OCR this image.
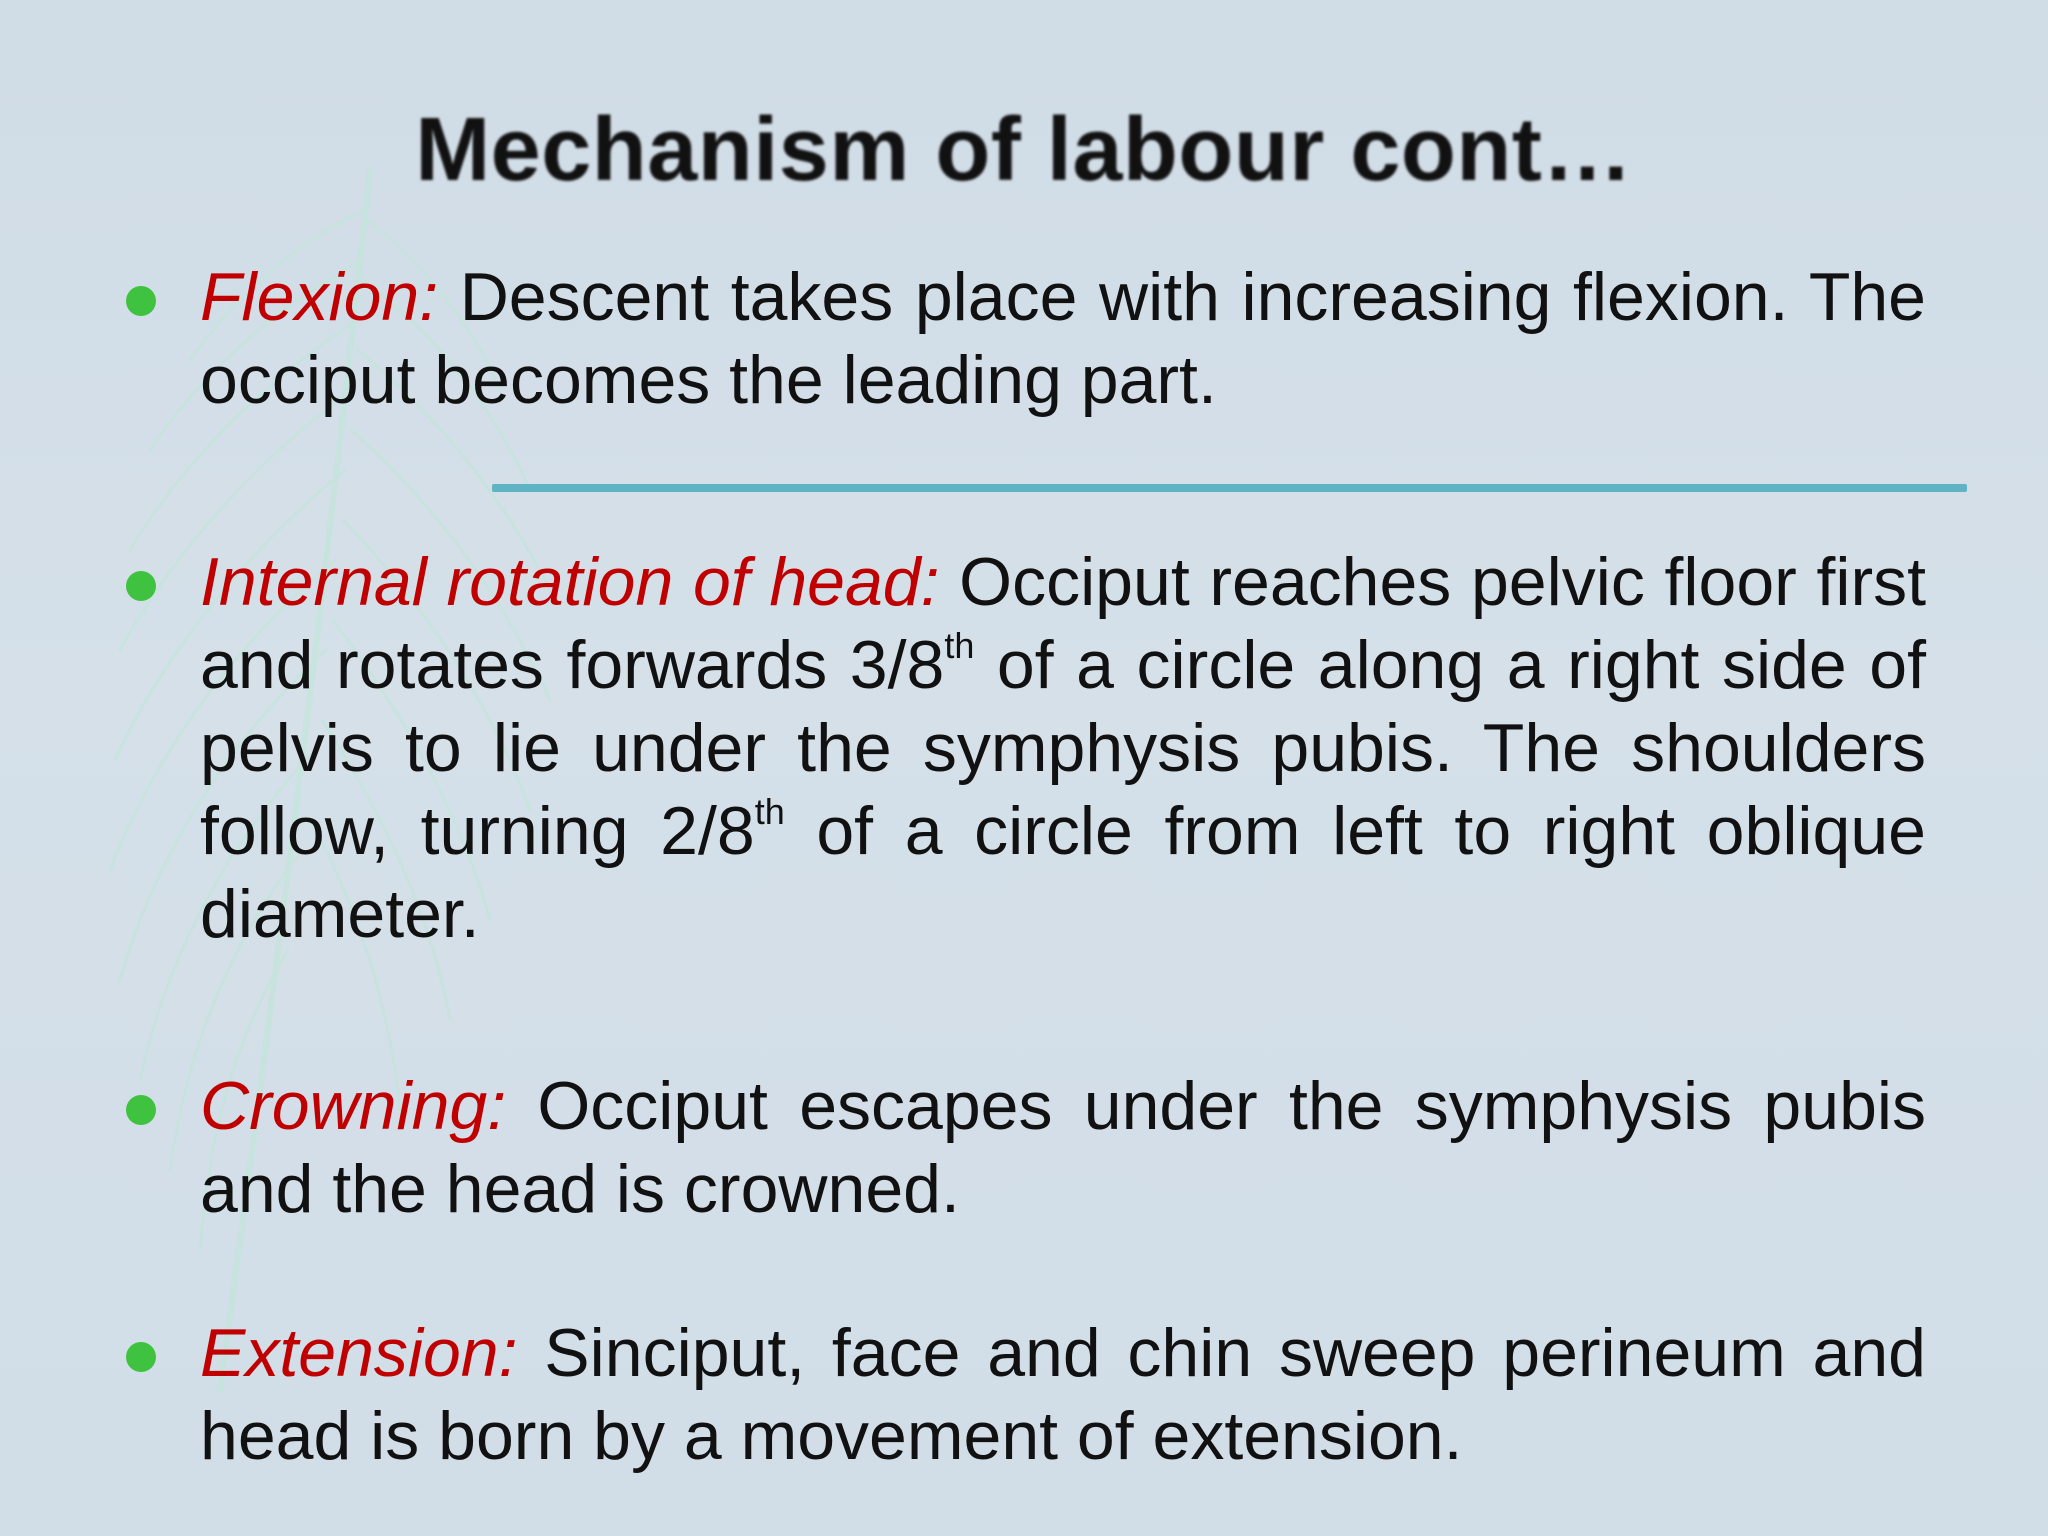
Mechanism of labour cont…
Flexion: Descent takes place with increasing flexion. The occiput becomes the leading part.
Internal rotation of head: Occiput reaches pelvic floor first and rotates forwards 3/8th of a circle along a right side of pelvis to lie under the symphysis pubis. The shoulders follow, turning 2/8th of a circle from left to right oblique diameter.
Crowning: Occiput escapes under the symphysis pubis and the head is crowned.
Extension: Sinciput, face and chin sweep perineum and head is born by a movement of extension.
